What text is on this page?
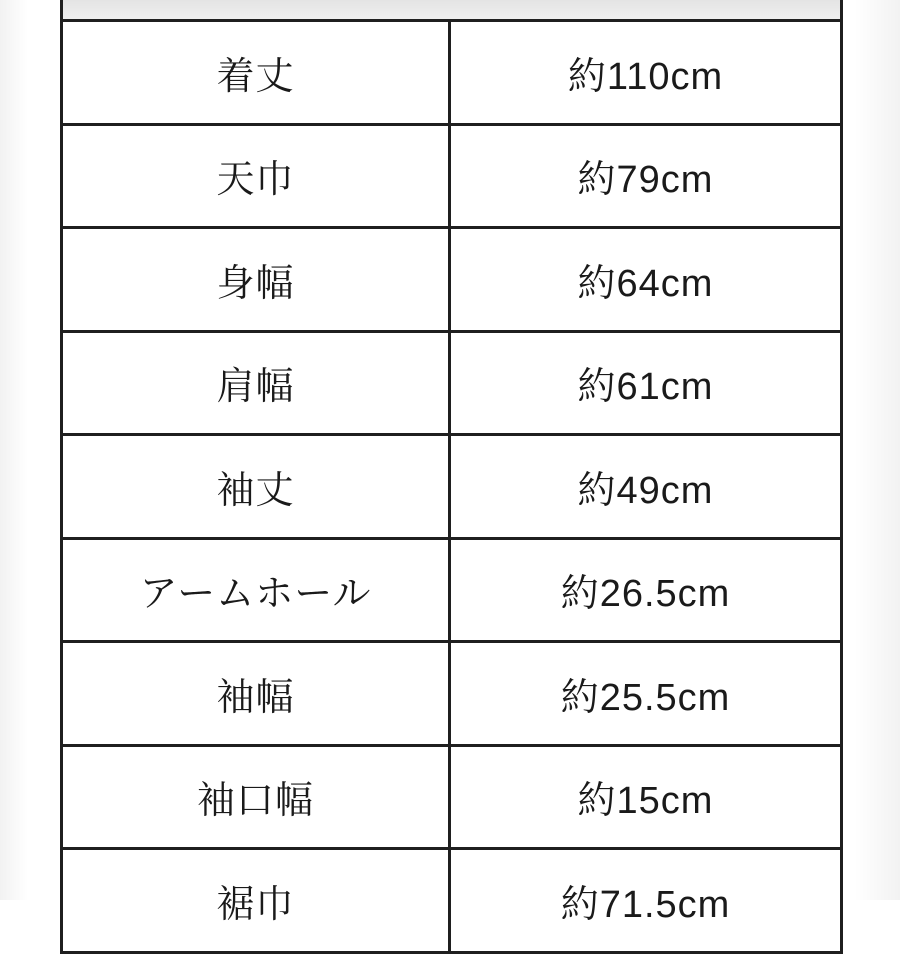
着丈	約110cm
天巾	約79cm
身幅	約64cm
肩幅	約61cm
袖丈	約49cm
アームホール	約26.5cm
袖幅	約25.5cm
袖口幅	約15cm
裾巾	約71.5cm
